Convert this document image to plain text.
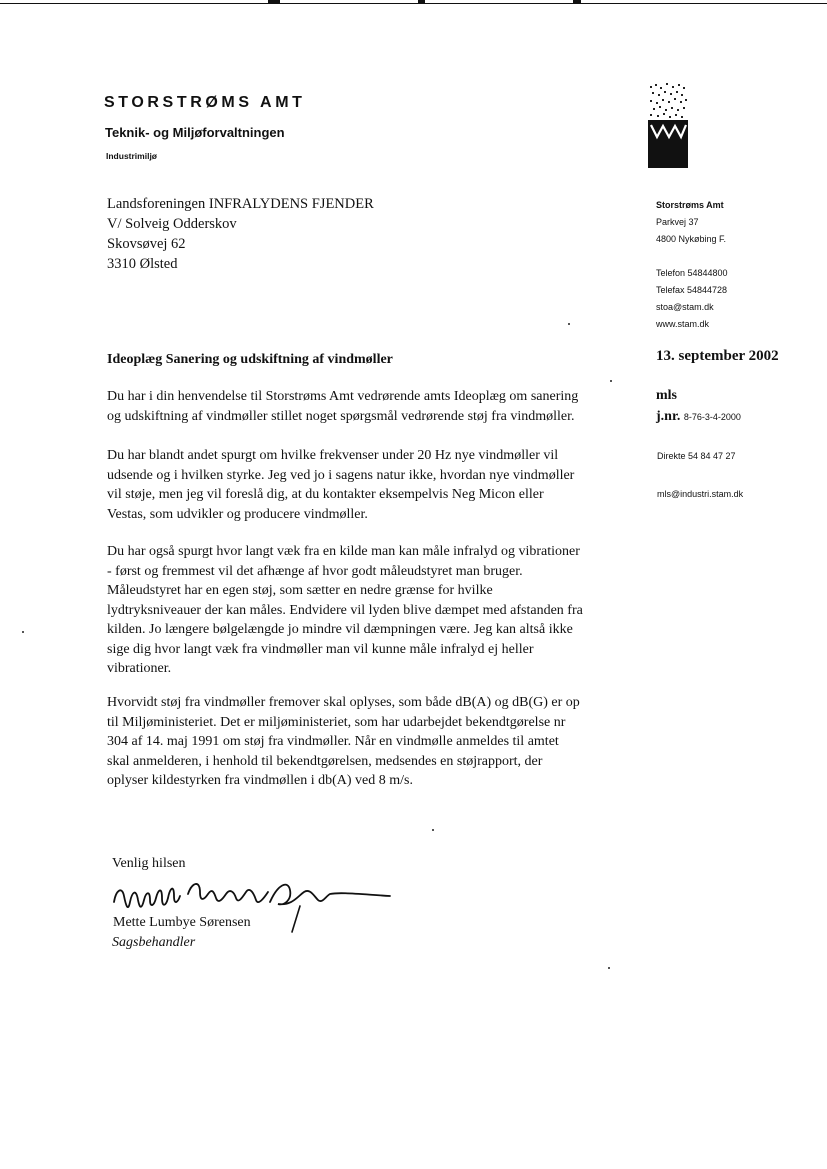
STORSTRØMS AMT
Teknik- og Miljøforvaltningen
Industrimiljø
Landsforeningen INFRALYDENS FJENDER
V/ Solveig Odderskov
Skovsøvej 62
3310 Ølsted
Storstrøms Amt
Parkvej 37
4800 Nykøbing F.
Telefon 54844800
Telefax 54844728
stoa@stam.dk
www.stam.dk
Ideoplæg Sanering og udskiftning af vindmøller	13. september 2002
mls
j.nr. 8-76-3-4-2000
Direkte 54 84 47 27
mls@industri.stam.dk
Du har i din henvendelse til Storstrøms Amt vedrørende amts Ideoplæg om sanering
og udskiftning af vindmøller stillet noget spørgsmål vedrørende støj fra vindmøller.
Du har blandt andet spurgt om hvilke frekvenser under 20 Hz nye vindmøller vil
udsende og i hvilken styrke. Jeg ved jo i sagens natur ikke, hvordan nye vindmøller
vil støje, men jeg vil foreslå dig, at du kontakter eksempelvis Neg Micon eller
Vestas, som udvikler og producere vindmøller.
Du har også spurgt hvor langt væk fra en kilde man kan måle infralyd og vibrationer
- først og fremmest vil det afhænge af hvor godt måleudstyret man bruger.
Måleudstyret har en egen støj, som sætter en nedre grænse for hvilke
lydtryksniveauer der kan måles. Endvidere vil lyden blive dæmpet med afstanden fra
kilden. Jo længere bølgelængde jo mindre vil dæmpningen være. Jeg kan altså ikke
sige dig hvor langt væk fra vindmøller man vil kunne måle infralyd ej heller
vibrationer.
Hvorvidt støj fra vindmøller fremover skal oplyses, som både dB(A) og dB(G) er op
til Miljøministeriet. Det er miljøministeriet, som har udarbejdet bekendtgørelse nr
304 af 14. maj 1991 om støj fra vindmøller. Når en vindmølle anmeldes til amtet
skal anmelderen, i henhold til bekendtgørelsen, medsendes en støjrapport, der
oplyser kildestyrken fra vindmøllen i db(A) ved 8 m/s.
Venlig hilsen
Mette Lumbye Sørensen
Sagsbehandler
